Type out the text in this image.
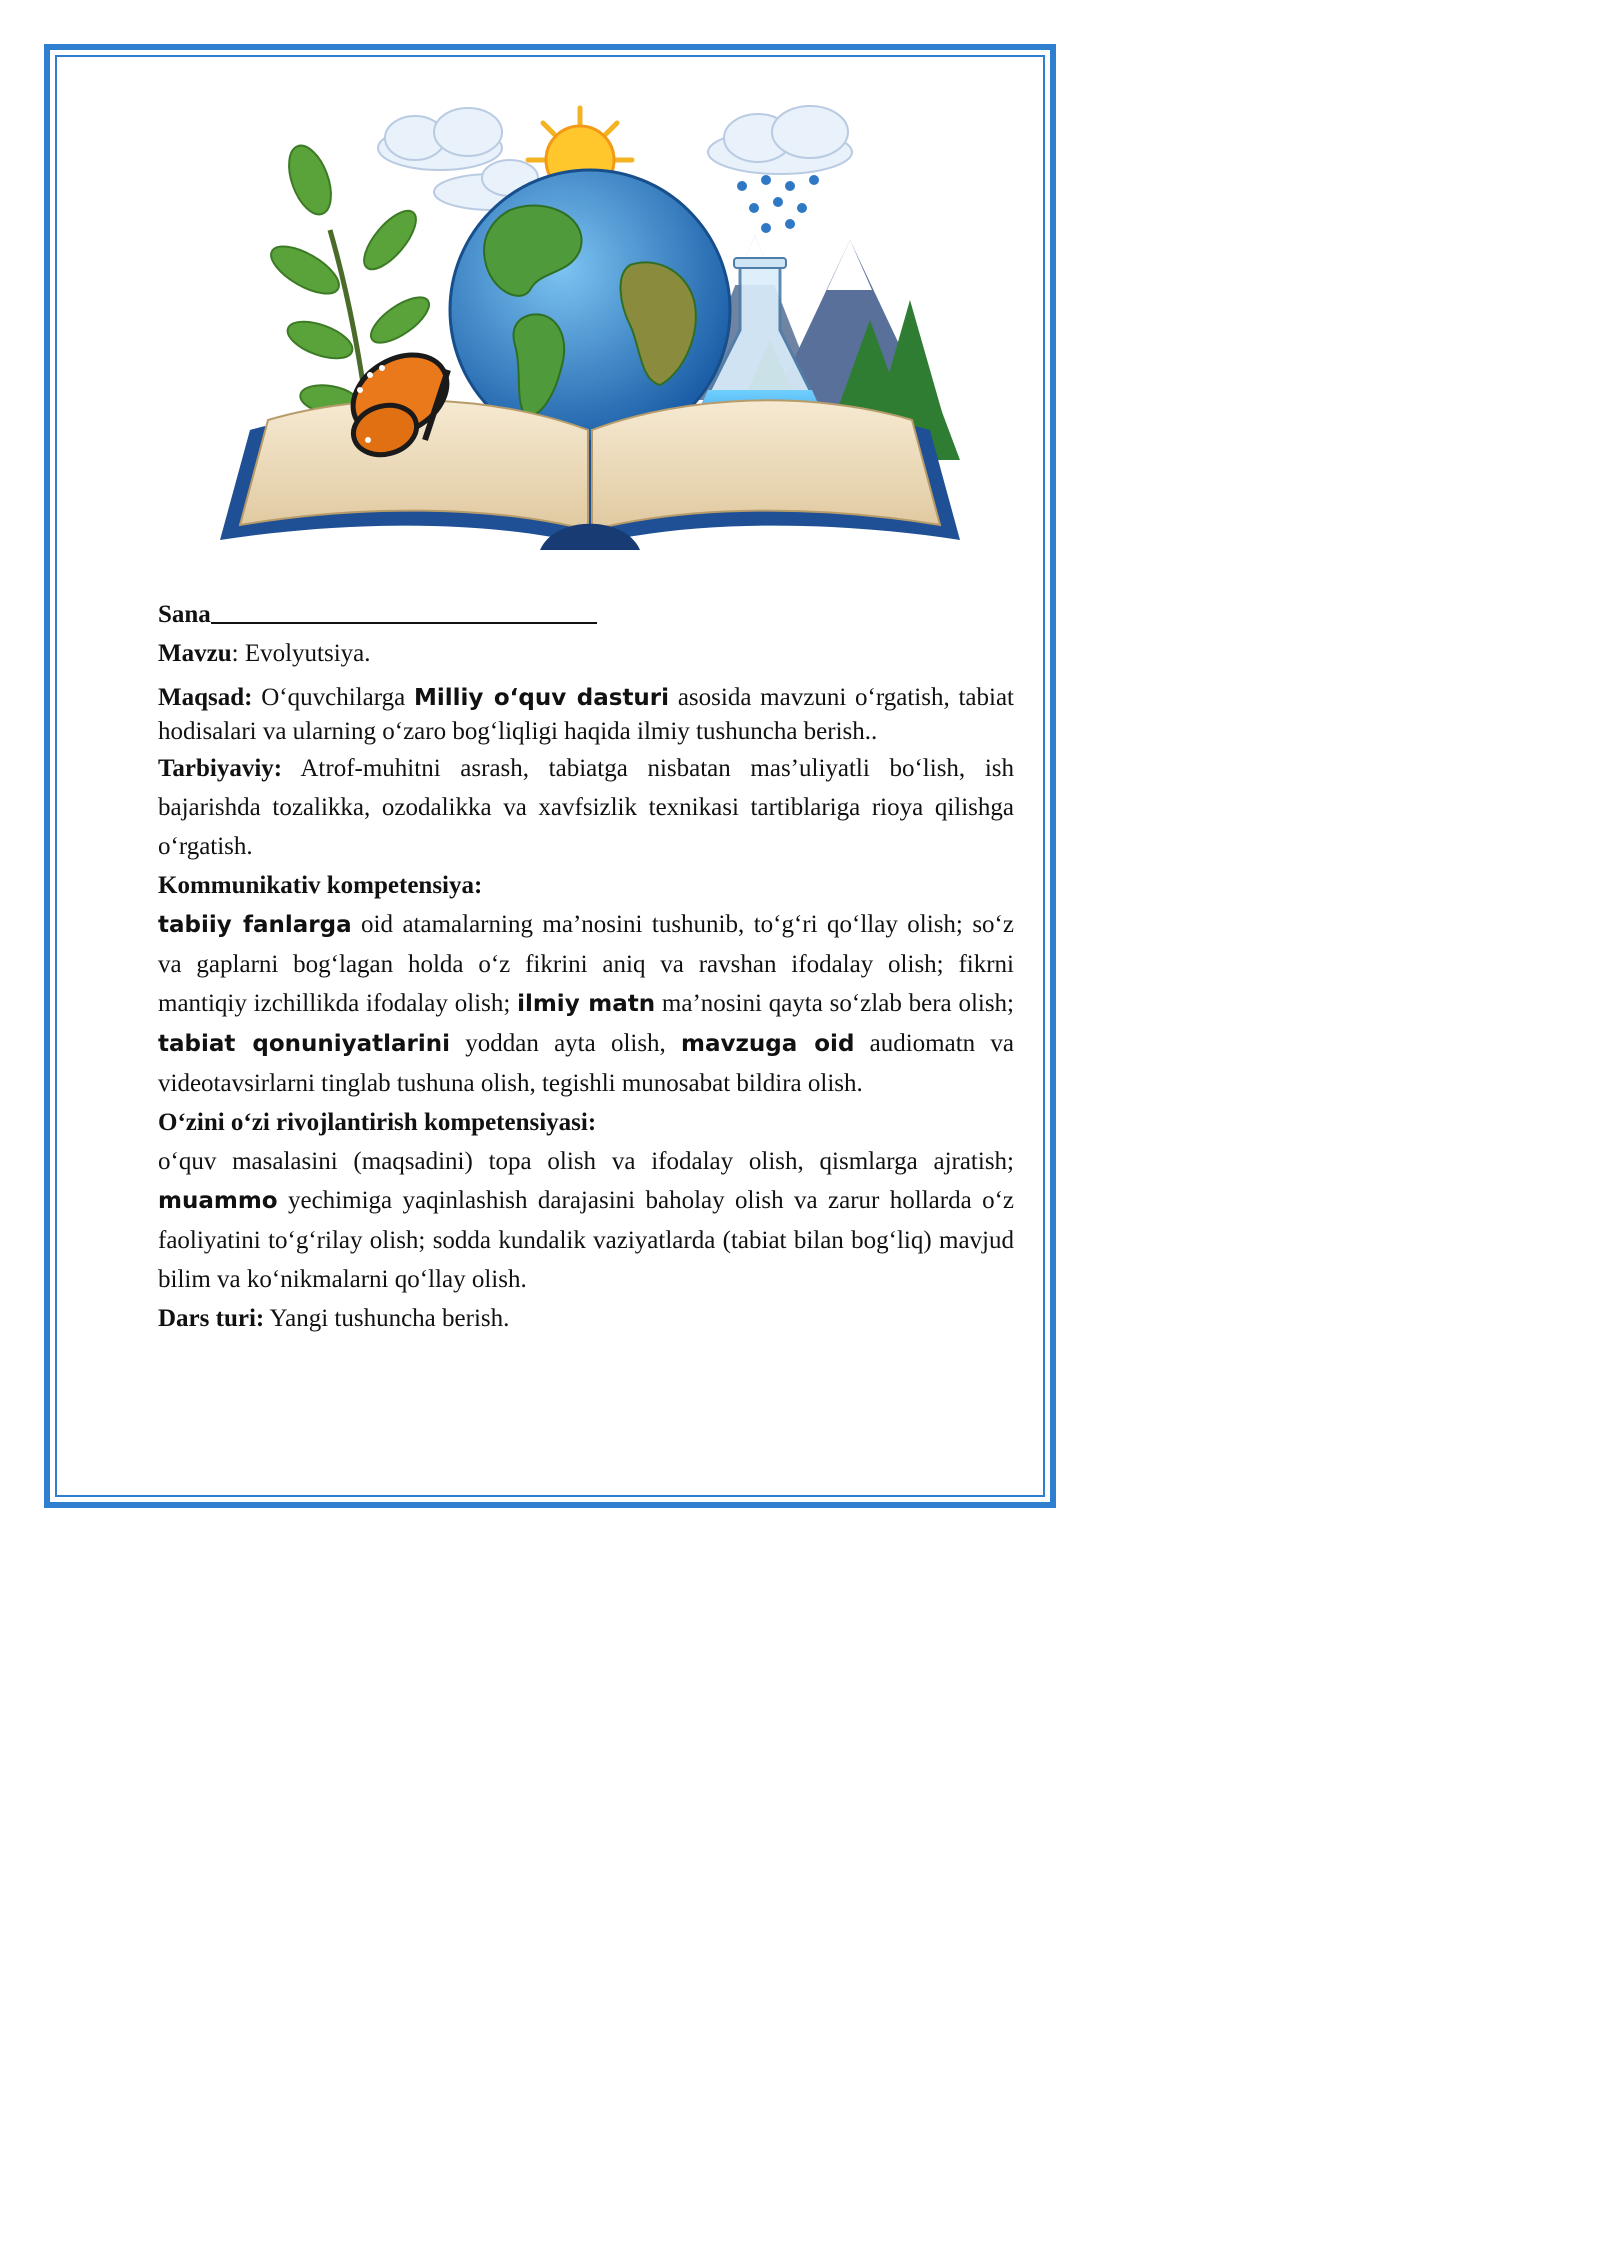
Sana

Mavzu: Evolyutsiya.

Maqsad: O‘quvchilarga Milliy o‘quv dasturi asosida mavzuni o‘rgatish, tabiat hodisalari va ularning o‘zaro bog‘liqligi haqida ilmiy tushuncha berish..

Tarbiyaviy: Atrof-muhitni asrash, tabiatga nisbatan mas’uliyatli bo‘lish, ish bajarishda tozalikka, ozodalikka va xavfsizlik texnikasi tartiblariga rioya qilishga o‘rgatish.

Kommunikativ kompetensiya:

tabiiy fanlarga oid atamalarning ma’nosini tushunib, to‘g‘ri qo‘llay olish; so‘z va gaplarni bog‘lagan holda o‘z fikrini aniq va ravshan ifodalay olish; fikrni mantiqiy izchillikda ifodalay olish; ilmiy matn ma’nosini qayta so‘zlab bera olish; tabiat qonuniyatlarini yoddan ayta olish, mavzuga oid audiomatn va videotavsirlarni tinglab tushuna olish, tegishli munosabat bildira olish.

O‘zini o‘zi rivojlantirish kompetensiyasi:

o‘quv masalasini (maqsadini) topa olish va ifodalay olish, qismlarga ajratish; muammo yechimiga yaqinlashish darajasini baholay olish va zarur hollarda o‘z faoliyatini to‘g‘rilay olish; sodda kundalik vaziyatlarda (tabiat bilan bog‘liq) mavjud bilim va ko‘nikmalarni qo‘llay olish.

Dars turi: Yangi tushuncha berish.
